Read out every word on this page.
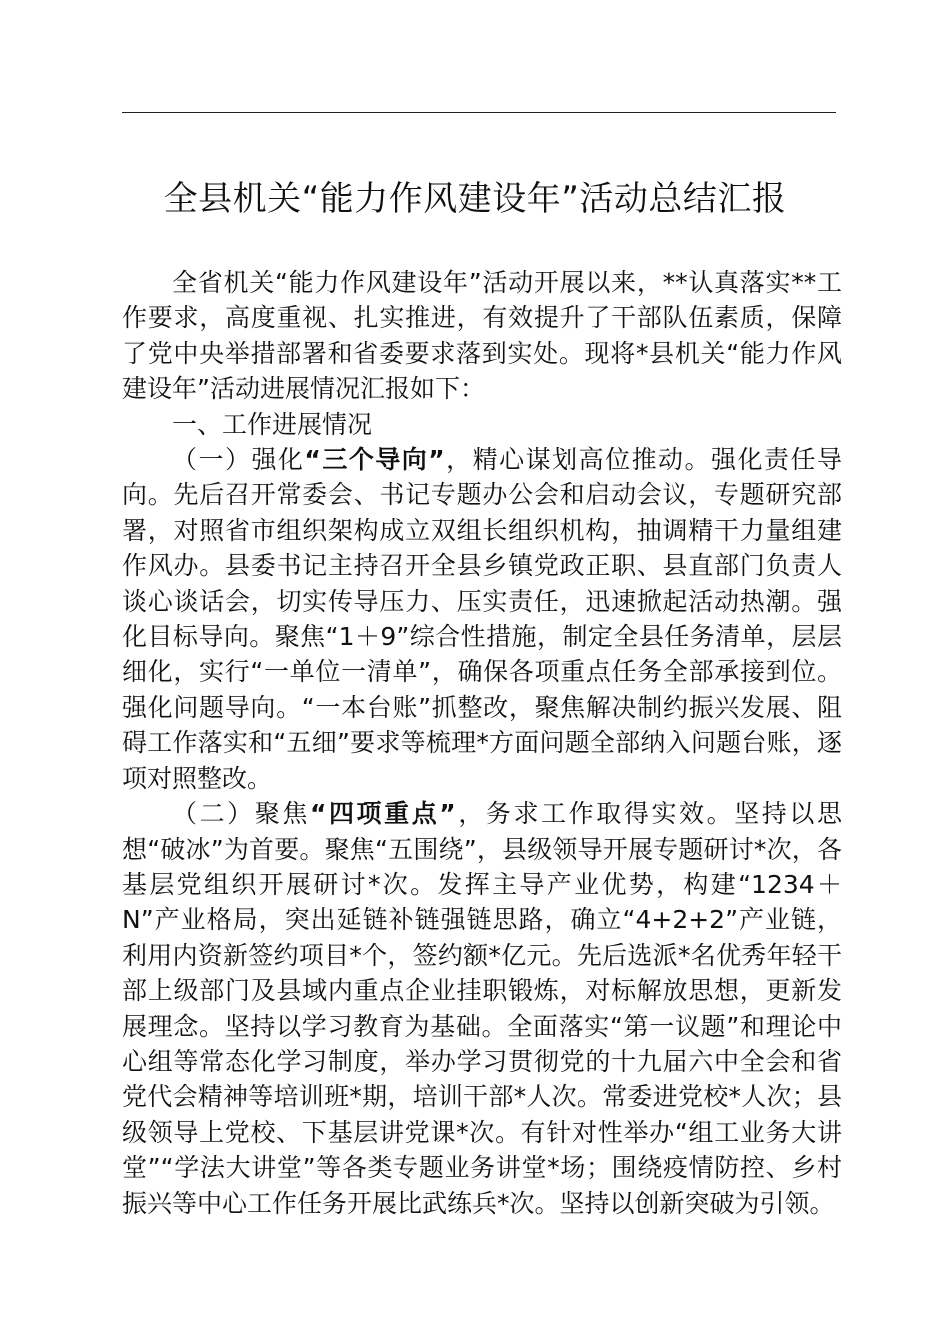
全县机关“能力作风建设年”活动总结汇报

全省机关“能力作风建设年”活动开展以来，**认真落实**工作要求，高度重视、扎实推进，有效提升了干部队伍素质，保障了党中央举措部署和省委要求落到实处。现将*县机关“能力作风建设年”活动进展情况汇报如下：

一、工作进展情况

（一）强化“三个导向”，精心谋划高位推动。强化责任导向。先后召开常委会、书记专题办公会和启动会议，专题研究部署，对照省市组织架构成立双组长组织机构，抽调精干力量组建作风办。县委书记主持召开全县乡镇党政正职、县直部门负责人谈心谈话会，切实传导压力、压实责任，迅速掀起活动热潮。强化目标导向。聚焦“1＋9”综合性措施，制定全县任务清单，层层细化，实行“一单位一清单”，确保各项重点任务全部承接到位。强化问题导向。“一本台账”抓整改，聚焦解决制约振兴发展、阻碍工作落实和“五细”要求等梳理*方面问题全部纳入问题台账，逐项对照整改。

（二）聚焦“四项重点”，务求工作取得实效。坚持以思想“破冰”为首要。聚焦“五围绕”，县级领导开展专题研讨*次，各基层党组织开展研讨*次。发挥主导产业优势，构建“1234＋N”产业格局，突出延链补链强链思路，确立“4+2+2”产业链，利用内资新签约项目*个，签约额*亿元。先后选派*名优秀年轻干部上级部门及县域内重点企业挂职锻炼，对标解放思想，更新发展理念。坚持以学习教育为基础。全面落实“第一议题”和理论中心组等常态化学习制度，举办学习贯彻党的十九届六中全会和省党代会精神等培训班*期，培训干部*人次。常委进党校*人次；县级领导上党校、下基层讲党课*次。有针对性举办“组工业务大讲堂”“学法大讲堂”等各类专题业务讲堂*场；围绕疫情防控、乡村振兴等中心工作任务开展比武练兵*次。坚持以创新突破为引领。
